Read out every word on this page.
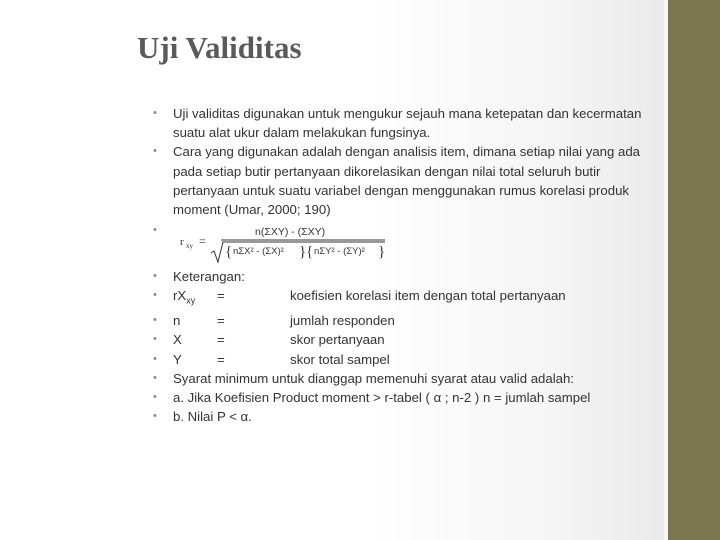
Uji Validitas
• Uji validitas digunakan untuk mengukur sejauh mana ketepatan dan kecermatan suatu alat ukur dalam melakukan fungsinya.
• Cara yang digunakan adalah dengan analisis item, dimana setiap nilai yang ada pada setiap butir pertanyaan dikorelasikan dengan nilai total seluruh butir pertanyaan untuk suatu variabel dengan menggunakan rumus korelasi produk moment (Umar, 2000; 190)
•
r xy =
n(ΣXY) - (ΣXY)
{ nΣX² - (ΣX)² } { nΣY² - (ΣY)² }
• Keterangan:
• $rX_{xy}$	=	koefisien korelasi item dengan total pertanyaan
• n	=	jumlah responden
• X	=	skor pertanyaan
• Y	=	skor total sampel
• Syarat minimum untuk dianggap memenuhi syarat atau valid adalah:
• a. Jika Koefisien Product moment > r-tabel ( α ; n-2 ) n = jumlah sampel
• b. Nilai P < α.
